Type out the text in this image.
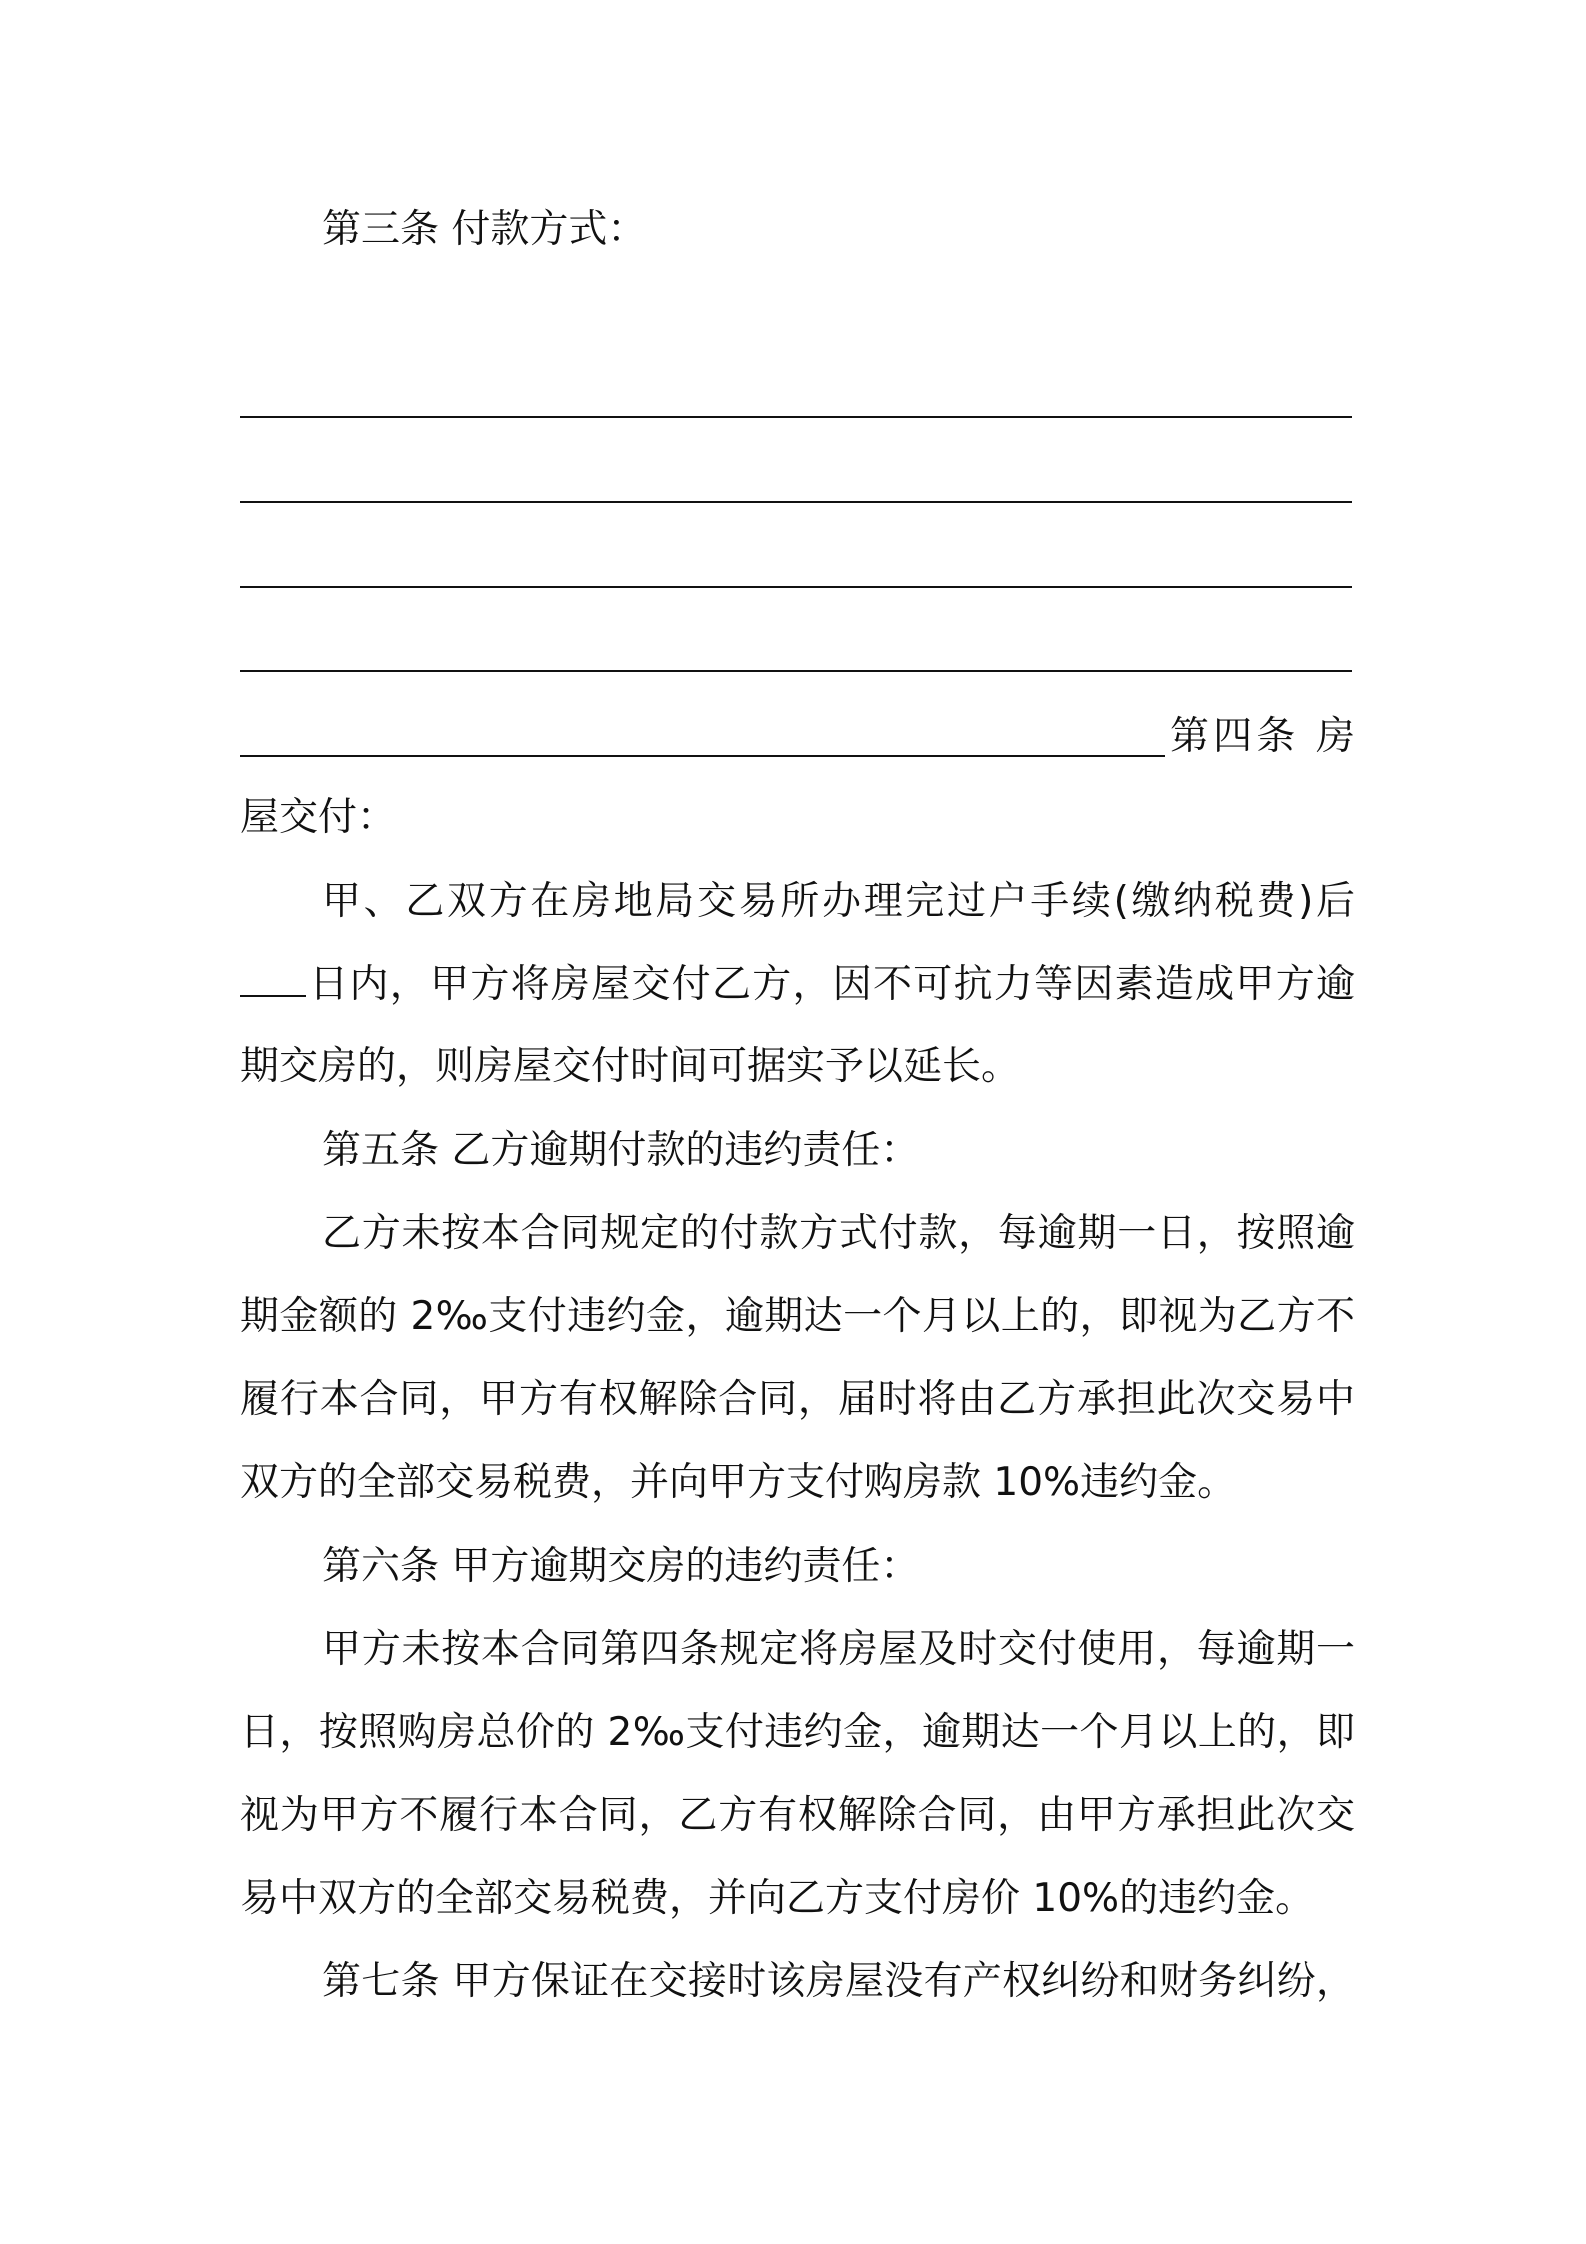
第三条 付款方式：
第四条 房
屋交付：
甲、乙双方在房地局交易所办理完过户手续(缴纳税费)后
日内，甲方将房屋交付乙方，因不可抗力等因素造成甲方逾
期交房的，则房屋交付时间可据实予以延长。
第五条 乙方逾期付款的违约责任：
乙方未按本合同规定的付款方式付款，每逾期一日，按照逾
期金额的 2‰支付违约金，逾期达一个月以上的，即视为乙方不
履行本合同，甲方有权解除合同，届时将由乙方承担此次交易中
双方的全部交易税费，并向甲方支付购房款 10%违约金。
第六条 甲方逾期交房的违约责任：
甲方未按本合同第四条规定将房屋及时交付使用，每逾期一
日，按照购房总价的 2‰支付违约金，逾期达一个月以上的，即
视为甲方不履行本合同，乙方有权解除合同，由甲方承担此次交
易中双方的全部交易税费，并向乙方支付房价 10%的违约金。
第七条 甲方保证在交接时该房屋没有产权纠纷和财务纠纷，
